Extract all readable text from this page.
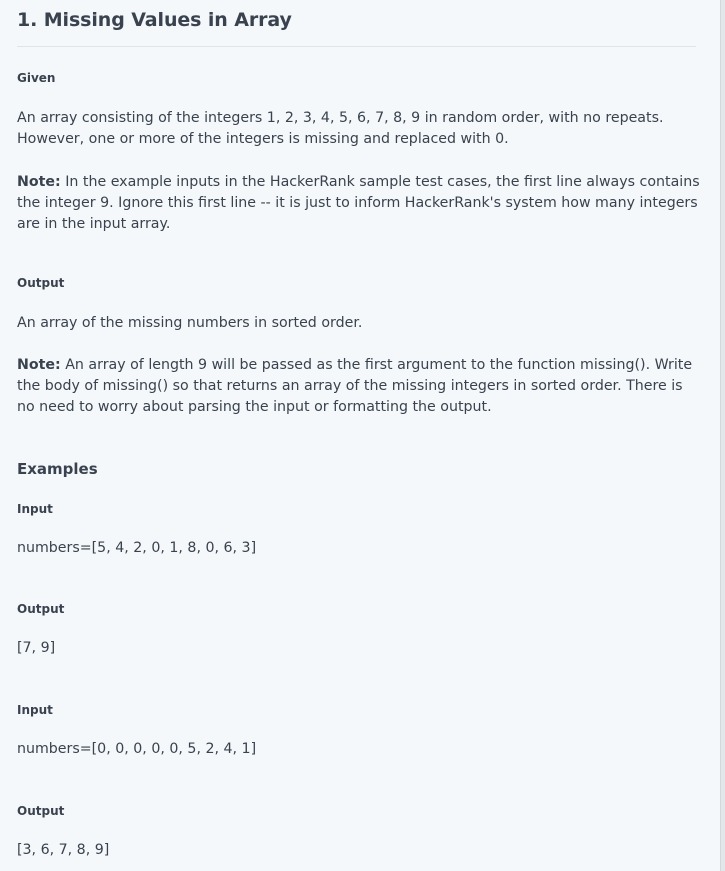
1. Missing Values in Array

Given

An array consisting of the integers 1, 2, 3, 4, 5, 6, 7, 8, 9 in random order, with no repeats. However, one or more of the integers is missing and replaced with 0.

Note: In the example inputs in the HackerRank sample test cases, the first line always contains the integer 9. Ignore this first line -- it is just to inform HackerRank's system how many integers are in the input array.

Output

An array of the missing numbers in sorted order.

Note: An array of length 9 will be passed as the first argument to the function missing(). Write the body of missing() so that returns an array of the missing integers in sorted order. There is no need to worry about parsing the input or formatting the output.

Examples

Input

numbers=[5, 4, 2, 0, 1, 8, 0, 6, 3]

Output

[7, 9]

Input

numbers=[0, 0, 0, 0, 0, 5, 2, 4, 1]

Output

[3, 6, 7, 8, 9]
